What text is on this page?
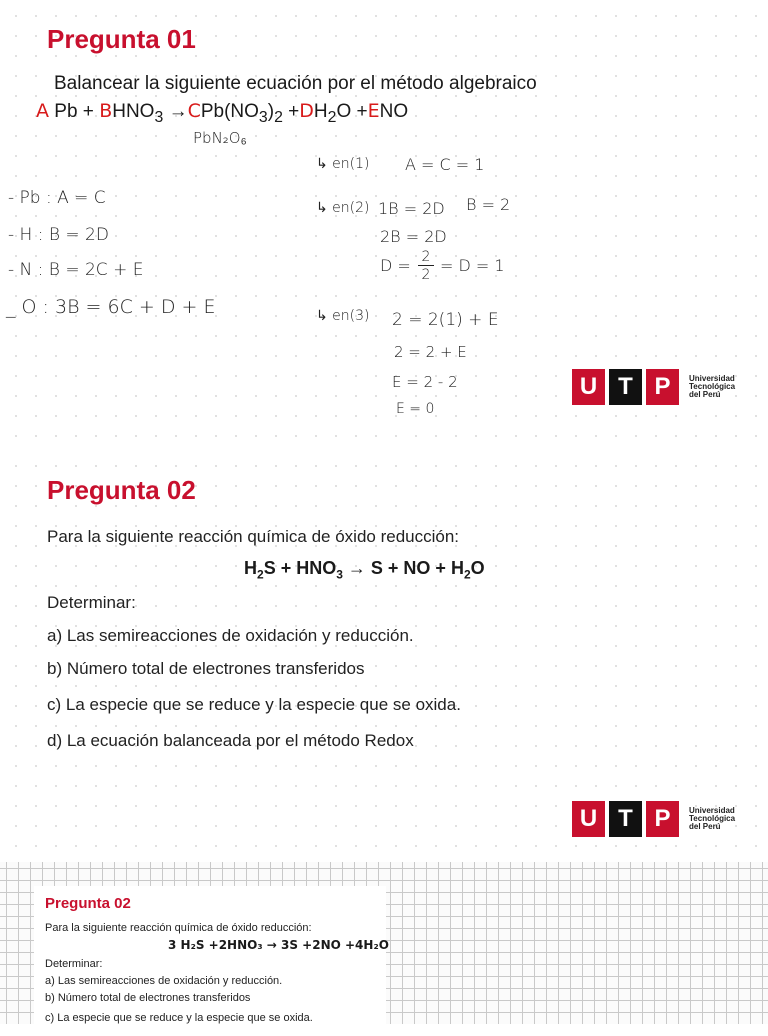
Pregunta 01
Balancear la siguiente ecuación por el método algebraico
A $Pb + BHNO_3 \to CPb(NO_3)_2 +DH_2O +ENO$
PbN₂O₆
- Pb : A = C
- H : B = 2D
- N : B = 2C + E
_ O : 3B = 6C + D + E
↳ en(1) A = C = 1
↳ en(2) 1B = 2D B = 2
2B = 2D
D = 2
2 = D = 1
↳ en(3) 2 = 2(1) + E
2 = 2 + E
E = 2 - 2
E = 0
U T P	Universidad
Tecnológica
del Perú
Pregunta 02
Para la siguiente reacción química de óxido reducción:
$H_2S + HNO_3 \to S$ + NO + $H_2O$
Determinar:
a) Las semireacciones de oxidación y reducción.
b) Número total de electrones transferidos
c) La especie que se reduce y la especie que se oxida.
d) La ecuación balanceada por el método Redox
U T P	Universidad
Tecnológica
del Perú
Pregunta 02
Para la siguiente reacción química de óxido reducción:
3 H₂S +2HNO₃ → 3S +2NO +4H₂O
Determinar:
a) Las semireacciones de oxidación y reducción.
b) Número total de electrones transferidos
c) La especie que se reduce y la especie que se oxida.
